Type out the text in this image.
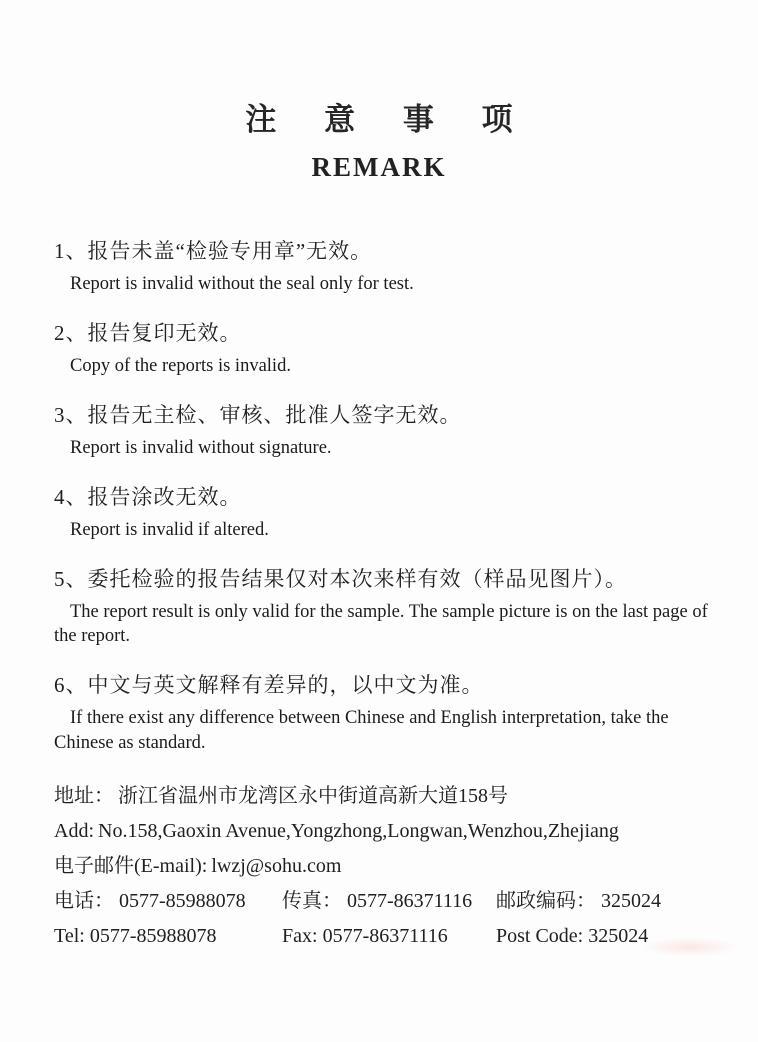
注 意 事 项
REMARK

1、报告未盖“检验专用章”无效。

Report is invalid without the seal only for test.

2、报告复印无效。

Copy of the reports is invalid.

3、报告无主检、审核、批准人签字无效。

Report is invalid without signature.

4、报告涂改无效。

Report is invalid if altered.

5、委托检验的报告结果仅对本次来样有效（样品见图片）。

The report result is only valid for the sample. The sample picture is on the last page of the report.

6、中文与英文解释有差异的，以中文为准。

If there exist any difference between Chinese and English interpretation, take the Chinese as standard.

地址： 浙江省温州市龙湾区永中街道高新大道158号

Add: No.158,Gaoxin Avenue,Yongzhong,Longwan,Wenzhou,Zhejiang

电子邮件(E-mail): lwzj@sohu.com

电话： 0577-85988078	传真： 0577-86371116	邮政编码： 325024
Tel: 0577-85988078	Fax: 0577-86371116	Post Code: 325024
